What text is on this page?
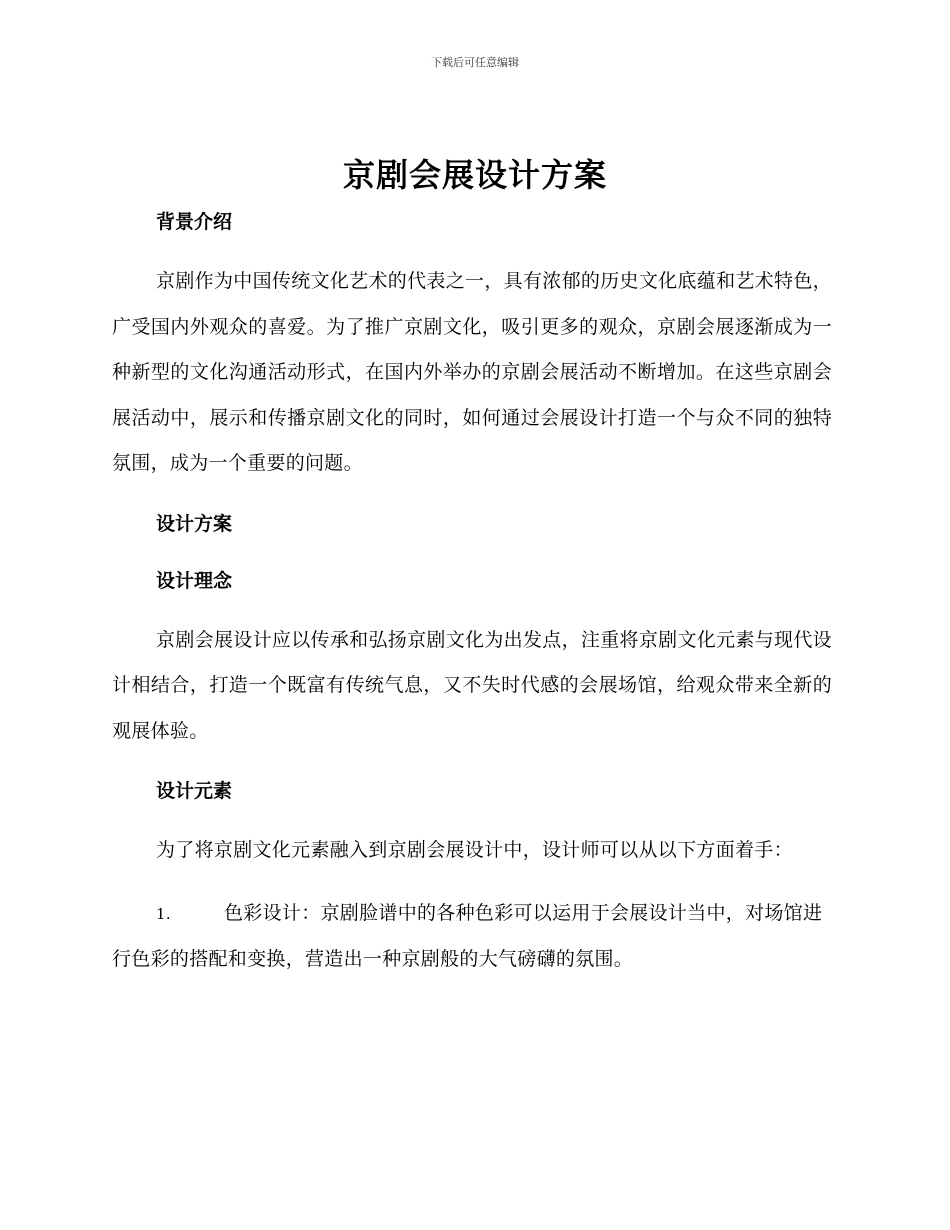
下载后可任意编辑
京剧会展设计方案
背景介绍

京剧作为中国传统文化艺术的代表之一，具有浓郁的历史文化底蕴和艺术特色，广受国内外观众的喜爱。为了推广京剧文化，吸引更多的观众，京剧会展逐渐成为一种新型的文化沟通活动形式，在国内外举办的京剧会展活动不断增加。在这些京剧会展活动中，展示和传播京剧文化的同时，如何通过会展设计打造一个与众不同的独特氛围，成为一个重要的问题。

设计方案
设计理念

京剧会展设计应以传承和弘扬京剧文化为出发点，注重将京剧文化元素与现代设计相结合，打造一个既富有传统气息，又不失时代感的会展场馆，给观众带来全新的观展体验。

设计元素

为了将京剧文化元素融入到京剧会展设计中，设计师可以从以下方面着手：

1.	色彩设计：京剧脸谱中的各种色彩可以运用于会展设计当中，对场馆进行色彩的搭配和变换，营造出一种京剧般的大气磅礴的氛围。
